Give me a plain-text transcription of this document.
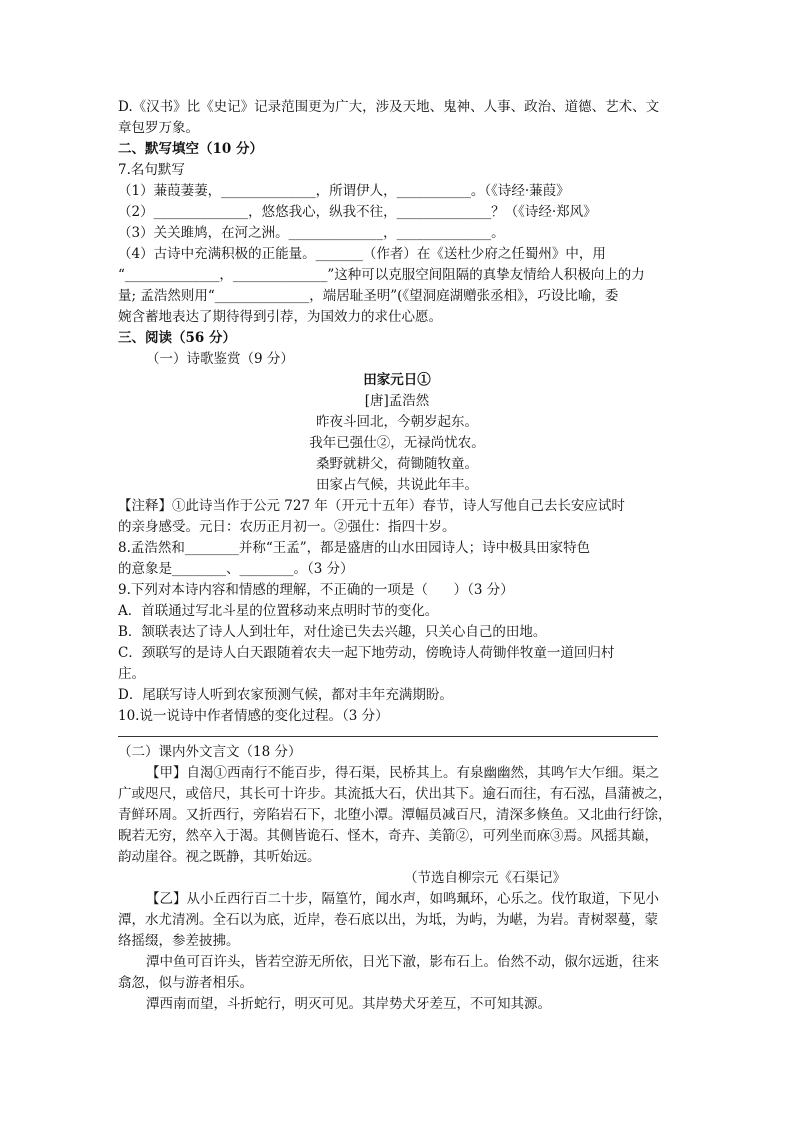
D.《汉书》比《史记》记录范围更为广大，涉及天地、鬼神、人事、政治、道德、艺术、文
章包罗万象。
二、默写填空（10 分）
7.名句默写
（1）蒹葭萋萋，______________，所谓伊人，___________。（《诗经·蒹葭》
（2）______________，悠悠我心，纵我不往，______________？（《诗经·郑风》
（3）关关雎鸠，在河之洲。______________，______________。
（4）古诗中充满积极的正能量。_______（作者）在《送杜少府之任蜀州》中，用
“______________，______________”这种可以克服空间阻隔的真挚友情给人积极向上的力
量; 孟浩然则用“______________，端居耻圣明”(《望洞庭湖赠张丞相》，巧设比喻，委
婉含蓄地表达了期待得到引荐，为国效力的求仕心愿。
三、阅读（56 分）
（一）诗歌鉴赏（9 分）
田家元日①
[唐]孟浩然
昨夜斗回北，今朝岁起东。
我年已强仕②，无禄尚忧农。
桑野就耕父，荷锄随牧童。
田家占气候，共说此年丰。
【注释】①此诗当作于公元 727 年（开元十五年）春节，诗人写他自己去长安应试时
的亲身感受。元日：农历正月初一。②强仕：指四十岁。
8.孟浩然和________并称“王孟”，都是盛唐的山水田园诗人；诗中极具田家特色
的意象是________、________。（3 分）
9.下列对本诗内容和情感的理解，不正确的一项是（      ）（3 分）
A．首联通过写北斗星的位置移动来点明时节的变化。
B．颔联表达了诗人人到壮年，对仕途已失去兴趣，只关心自己的田地。
C．颈联写的是诗人白天跟随着农夫一起下地劳动，傍晚诗人荷锄伴牧童一道回归村
庄。
D．尾联写诗人听到农家预测气候，都对丰年充满期盼。
10.说一说诗中作者情感的变化过程。（3 分）
（二）课内外文言文（18 分）
【甲】自渴①西南行不能百步，得石渠，民桥其上。有泉幽幽然，其鸣乍大乍细。渠之
广或咫尺，或倍尺，其长可十许步。其流抵大石，伏出其下。逾石而往，有石泓，昌蒲被之，
青鲜环周。又折西行，旁陷岩石下，北堕小潭。潭幅员减百尺，清深多倏鱼。又北曲行纡馀，
睨若无穷，然卒入于渴。其侧皆诡石、怪木，奇卉、美箭②，可列坐而庥③焉。风摇其巅，
韵动崖谷。视之既静，其听始远。
（节选自柳宗元《石渠记》
【乙】从小丘西行百二十步，隔篁竹，闻水声，如鸣珮环，心乐之。伐竹取道，下见小
潭，水尤清冽。全石以为底，近岸，卷石底以出，为坻，为屿，为嵁，为岩。青树翠蔓，蒙
络摇缀，参差披拂。
潭中鱼可百许头，皆若空游无所依，日光下澈，影布石上。佁然不动，俶尔远逝，往来
翕忽，似与游者相乐。
潭西南而望，斗折蛇行，明灭可见。其岸势犬牙差互，不可知其源。
